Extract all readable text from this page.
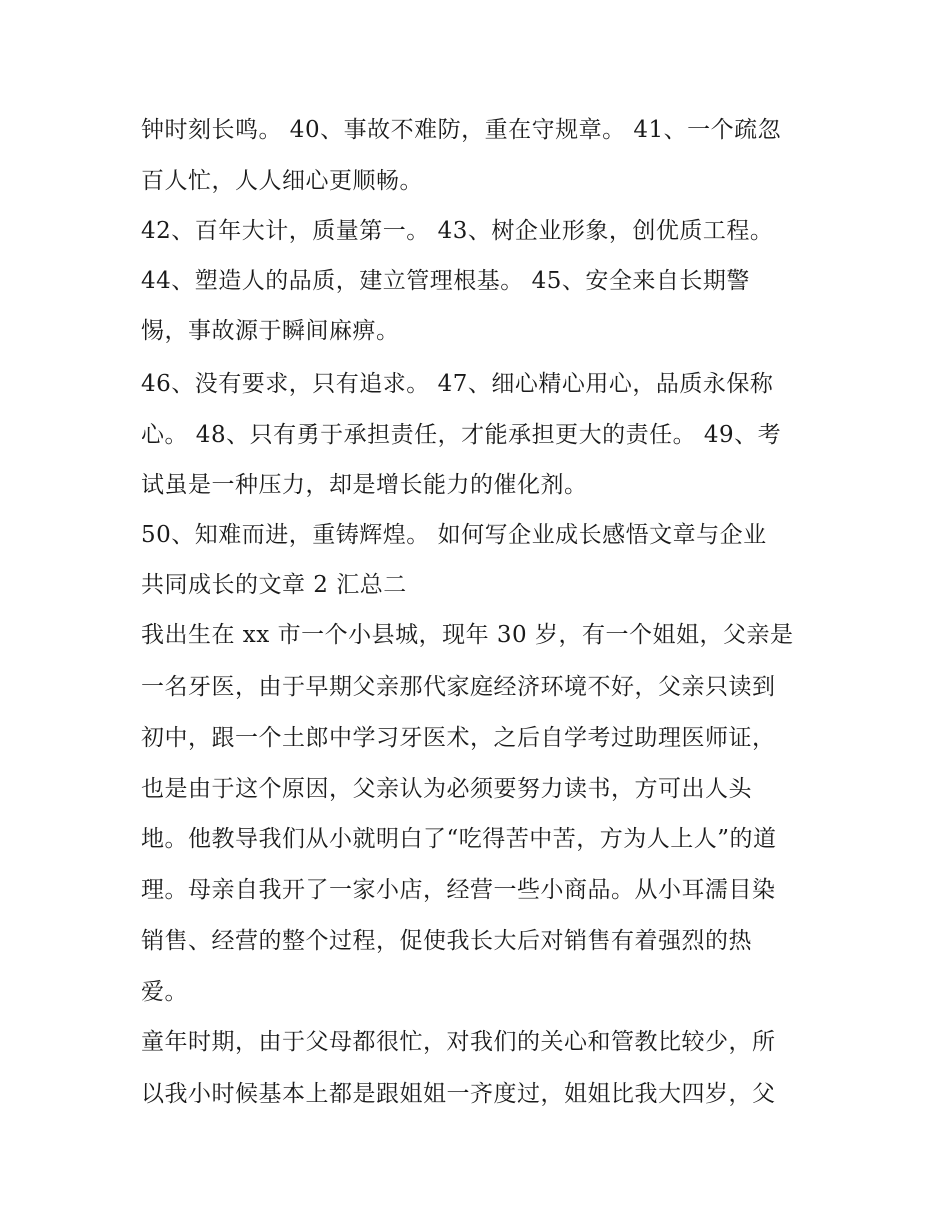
钟时刻长鸣。 40、事故不难防，重在守规章。 41、一个疏忽

百人忙，人人细心更顺畅。

42、百年大计，质量第一。 43、树企业形象，创优质工程。

44、塑造人的品质，建立管理根基。 45、安全来自长期警

惕，事故源于瞬间麻痹。

46、没有要求，只有追求。 47、细心精心用心，品质永保称

心。 48、只有勇于承担责任，才能承担更大的责任。 49、考

试虽是一种压力，却是增长能力的催化剂。

50、知难而进，重铸辉煌。 如何写企业成长感悟文章与企业

共同成长的文章 2 汇总二

我出生在 xx 市一个小县城，现年 30 岁，有一个姐姐，父亲是

一名牙医，由于早期父亲那代家庭经济环境不好，父亲只读到

初中，跟一个土郎中学习牙医术，之后自学考过助理医师证，

也是由于这个原因，父亲认为必须要努力读书，方可出人头

地。他教导我们从小就明白了“吃得苦中苦，方为人上人”的道

理。母亲自我开了一家小店，经营一些小商品。从小耳濡目染

销售、经营的整个过程，促使我长大后对销售有着强烈的热

爱。

童年时期，由于父母都很忙，对我们的关心和管教比较少，所

以我小时候基本上都是跟姐姐一齐度过，姐姐比我大四岁，父
